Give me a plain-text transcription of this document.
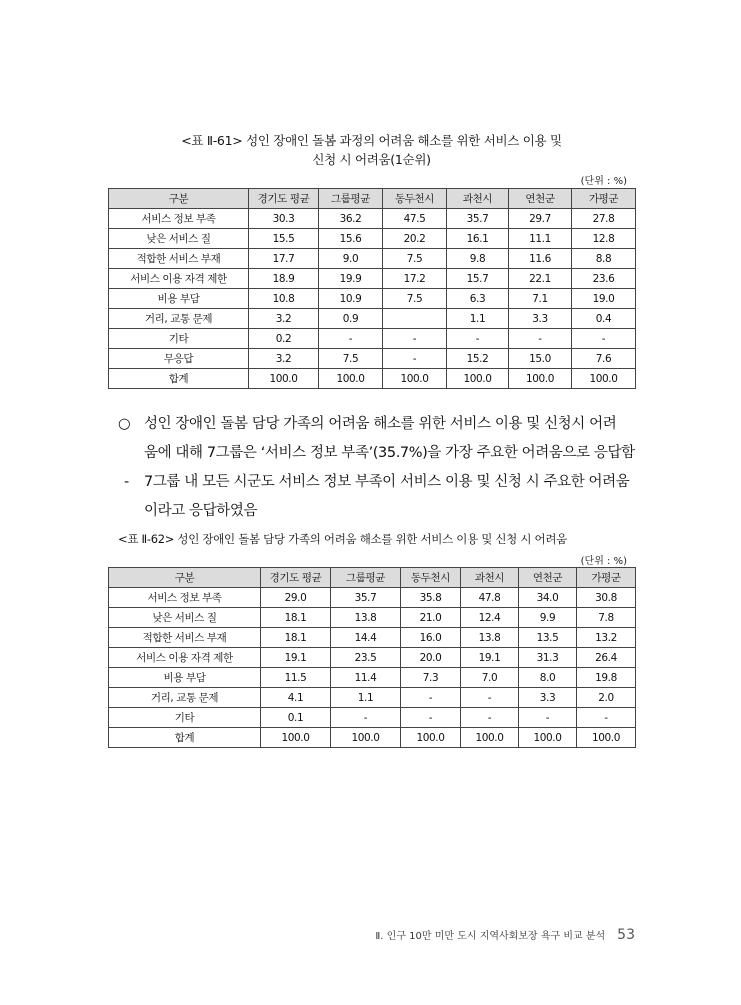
<표 Ⅱ-61> 성인 장애인 돌봄 과정의 어려움 해소를 위한 서비스 이용 및
신청 시 어려움(1순위)
(단위 : %)
구분	경기도 평균	그룹평균	동두천시	과천시	연천군	가평군
서비스 정보 부족	30.3	36.2	47.5	35.7	29.7	27.8
낮은 서비스 질	15.5	15.6	20.2	16.1	11.1	12.8
적합한 서비스 부재	17.7	9.0	7.5	9.8	11.6	8.8
서비스 이용 자격 제한	18.9	19.9	17.2	15.7	22.1	23.6
비용 부담	10.8	10.9	7.5	6.3	7.1	19.0
거리, 교통 문제	3.2	0.9		1.1	3.3	0.4
기타	0.2	-	-	-	-	-
무응답	3.2	7.5	-	15.2	15.0	7.6
합계	100.0	100.0	100.0	100.0	100.0	100.0
○ 성인 장애인 돌봄 담당 가족의 어려움 해소를 위한 서비스 이용 및 신청시 어려
움에 대해 7그룹은 ‘서비스 정보 부족’(35.7%)을 가장 주요한 어려움으로 응답함
-	7그룹 내 모든 시군도 서비스 정보 부족이 서비스 이용 및 신청 시 주요한 어려움
이라고 응답하였음
<표 Ⅱ-62> 성인 장애인 돌봄 담당 가족의 어려움 해소를 위한 서비스 이용 및 신청 시 어려움
(단위 : %)
구분	경기도 평균	그룹평균	동두천시	과천시	연천군	가평군
서비스 정보 부족	29.0	35.7	35.8	47.8	34.0	30.8
낮은 서비스 질	18.1	13.8	21.0	12.4	9.9	7.8
적합한 서비스 부재	18.1	14.4	16.0	13.8	13.5	13.2
서비스 이용 자격 제한	19.1	23.5	20.0	19.1	31.3	26.4
비용 부담	11.5	11.4	7.3	7.0	8.0	19.8
거리, 교통 문제	4.1	1.1	-	-	3.3	2.0
기타	0.1	-	-	-	-	-
합계	100.0	100.0	100.0	100.0	100.0	100.0
Ⅱ. 인구 10만 미만 도시 지역사회보장 욕구 비교 분석 53
